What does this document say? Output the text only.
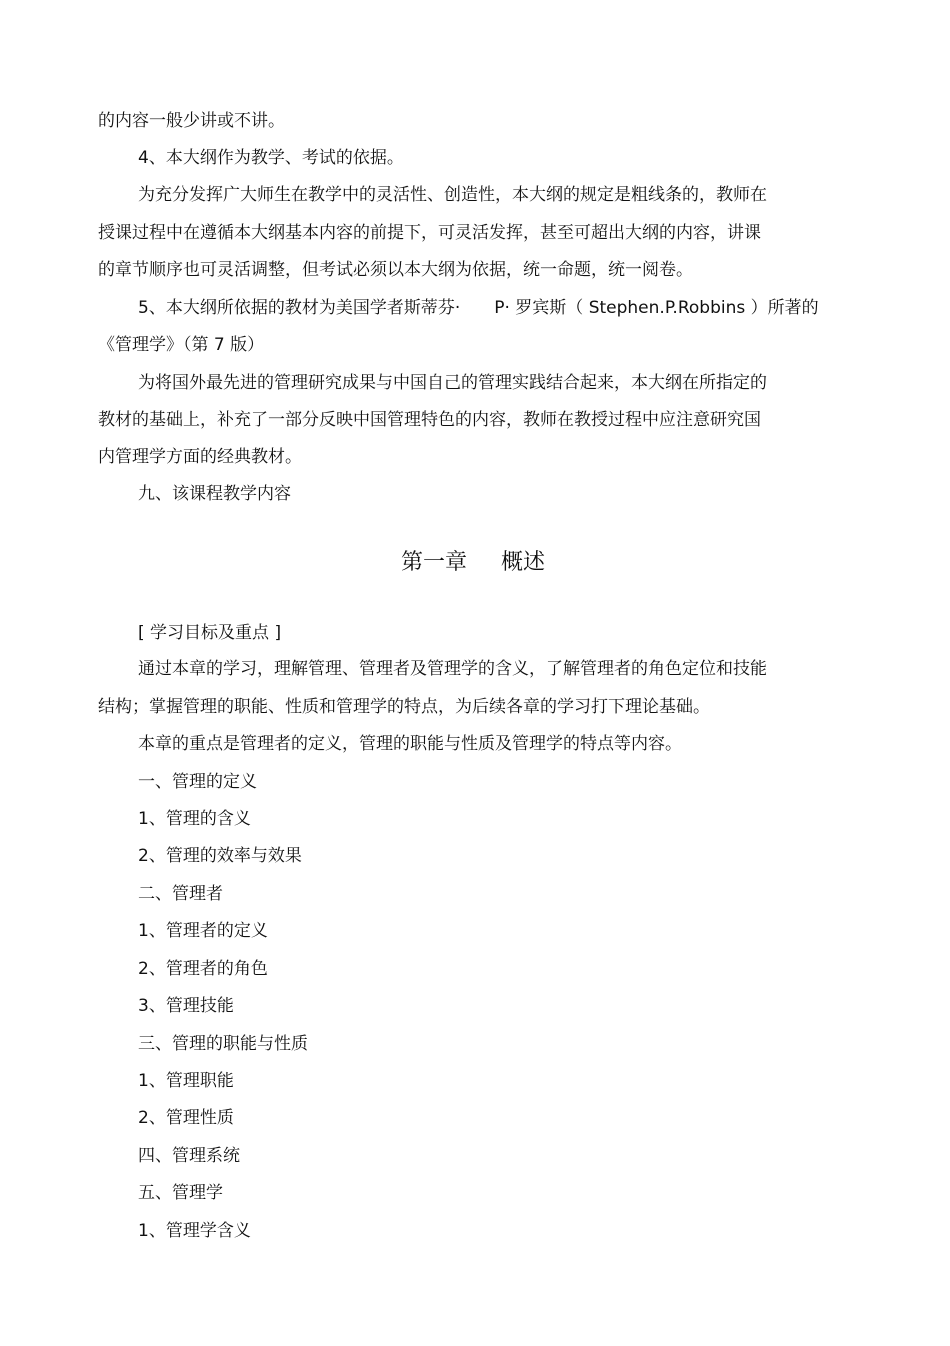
的内容一般少讲或不讲。
4、本大纲作为教学、考试的依据。
为充分发挥广大师生在教学中的灵活性、创造性，本大纲的规定是粗线条的，教师在
授课过程中在遵循本大纲基本内容的前提下，可灵活发挥，甚至可超出大纲的内容，讲课
的章节顺序也可灵活调整，但考试必须以本大纲为依据，统一命题，统一阅卷。
5、本大纲所依据的教材为美国学者斯蒂芬· P· 罗宾斯（ Stephen.P.Robbins ）所著的
《管理学》（第 7 版）
为将国外最先进的管理研究成果与中国自己的管理实践结合起来，本大纲在所指定的
教材的基础上，补充了一部分反映中国管理特色的内容，教师在教授过程中应注意研究国
内管理学方面的经典教材。
九、该课程教学内容
第一章 概述
[ 学习目标及重点 ]
通过本章的学习，理解管理、管理者及管理学的含义，了解管理者的角色定位和技能
结构；掌握管理的职能、性质和管理学的特点，为后续各章的学习打下理论基础。
本章的重点是管理者的定义，管理的职能与性质及管理学的特点等内容。
一、管理的定义
1、管理的含义
2、管理的效率与效果
二、管理者
1、管理者的定义
2、管理者的角色
3、管理技能
三、管理的职能与性质
1、管理职能
2、管理性质
四、管理系统
五、管理学
1、管理学含义
